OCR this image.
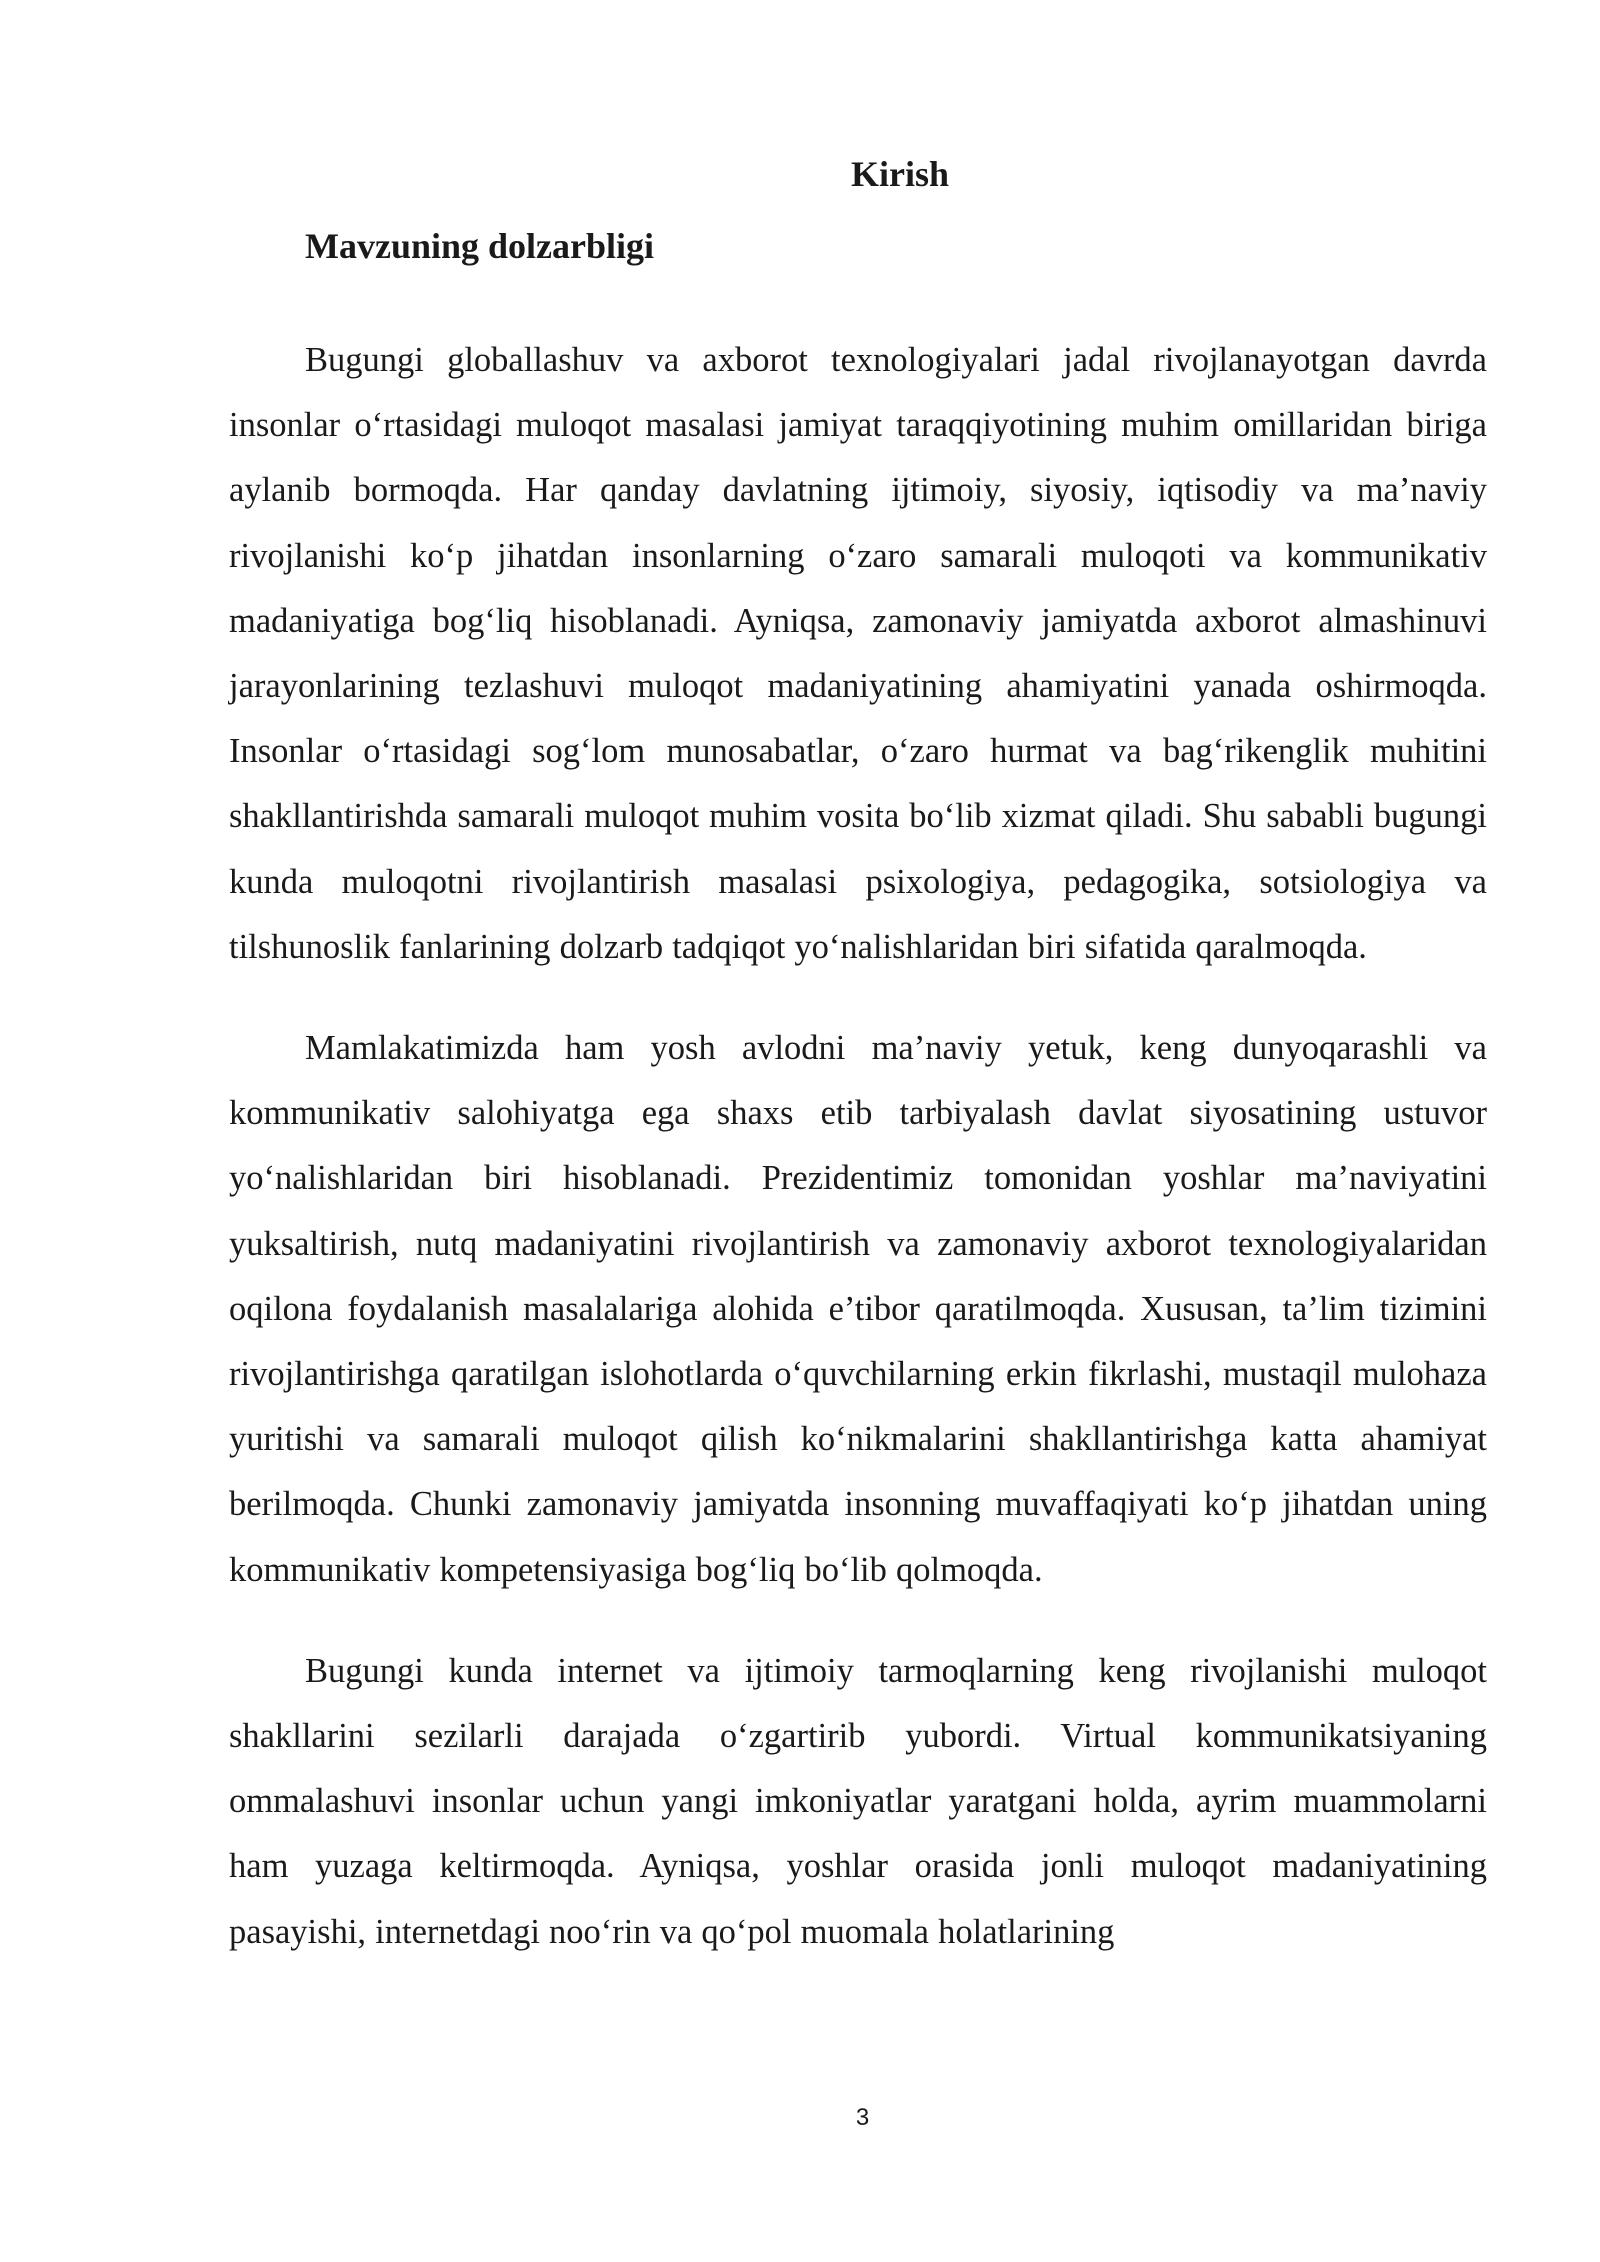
Kirish
Mavzuning dolzarbligi

Bugungi globallashuv va axborot texnologiyalari jadal rivojlanayotgan davrda insonlar o‘rtasidagi muloqot masalasi jamiyat taraqqiyotining muhim omillaridan biriga aylanib bormoqda. Har qanday davlatning ijtimoiy, siyosiy, iqtisodiy va ma’naviy rivojlanishi ko‘p jihatdan insonlarning o‘zaro samarali muloqoti va kommunikativ madaniyatiga bog‘liq hisoblanadi. Ayniqsa, zamonaviy jamiyatda axborot almashinuvi jarayonlarining tezlashuvi muloqot madaniyatining ahamiyatini yanada oshirmoqda. Insonlar o‘rtasidagi sog‘lom munosabatlar, o‘zaro hurmat va bag‘rikenglik muhitini shakllantirishda samarali muloqot muhim vosita bo‘lib xizmat qiladi. Shu sababli bugungi kunda muloqotni rivojlantirish masalasi psixologiya, pedagogika, sotsiologiya va tilshunoslik fanlarining dolzarb tadqiqot yo‘nalishlaridan biri sifatida qaralmoqda.

Mamlakatimizda ham yosh avlodni ma’naviy yetuk, keng dunyoqarashli va kommunikativ salohiyatga ega shaxs etib tarbiyalash davlat siyosatining ustuvor yo‘nalishlaridan biri hisoblanadi. Prezidentimiz tomonidan yoshlar ma’naviyatini yuksaltirish, nutq madaniyatini rivojlantirish va zamonaviy axborot texnologiyalaridan oqilona foydalanish masalalariga alohida e’tibor qaratilmoqda. Xususan, ta’lim tizimini rivojlantirishga qaratilgan islohotlarda o‘quvchilarning erkin fikrlashi, mustaqil mulohaza yuritishi va samarali muloqot qilish ko‘nikmalarini shakllantirishga katta ahamiyat berilmoqda. Chunki zamonaviy jamiyatda insonning muvaffaqiyati ko‘p jihatdan uning kommunikativ kompetensiyasiga bog‘liq bo‘lib qolmoqda.

Bugungi kunda internet va ijtimoiy tarmoqlarning keng rivojlanishi muloqot shakllarini sezilarli darajada o‘zgartirib yubordi. Virtual kommunikatsiyaning ommalashuvi insonlar uchun yangi imkoniyatlar yaratgani holda, ayrim muammolarni ham yuzaga keltirmoqda. Ayniqsa, yoshlar orasida jonli muloqot madaniyatining pasayishi, internetdagi noo‘rin va qo‘pol muomala holatlarining

3
